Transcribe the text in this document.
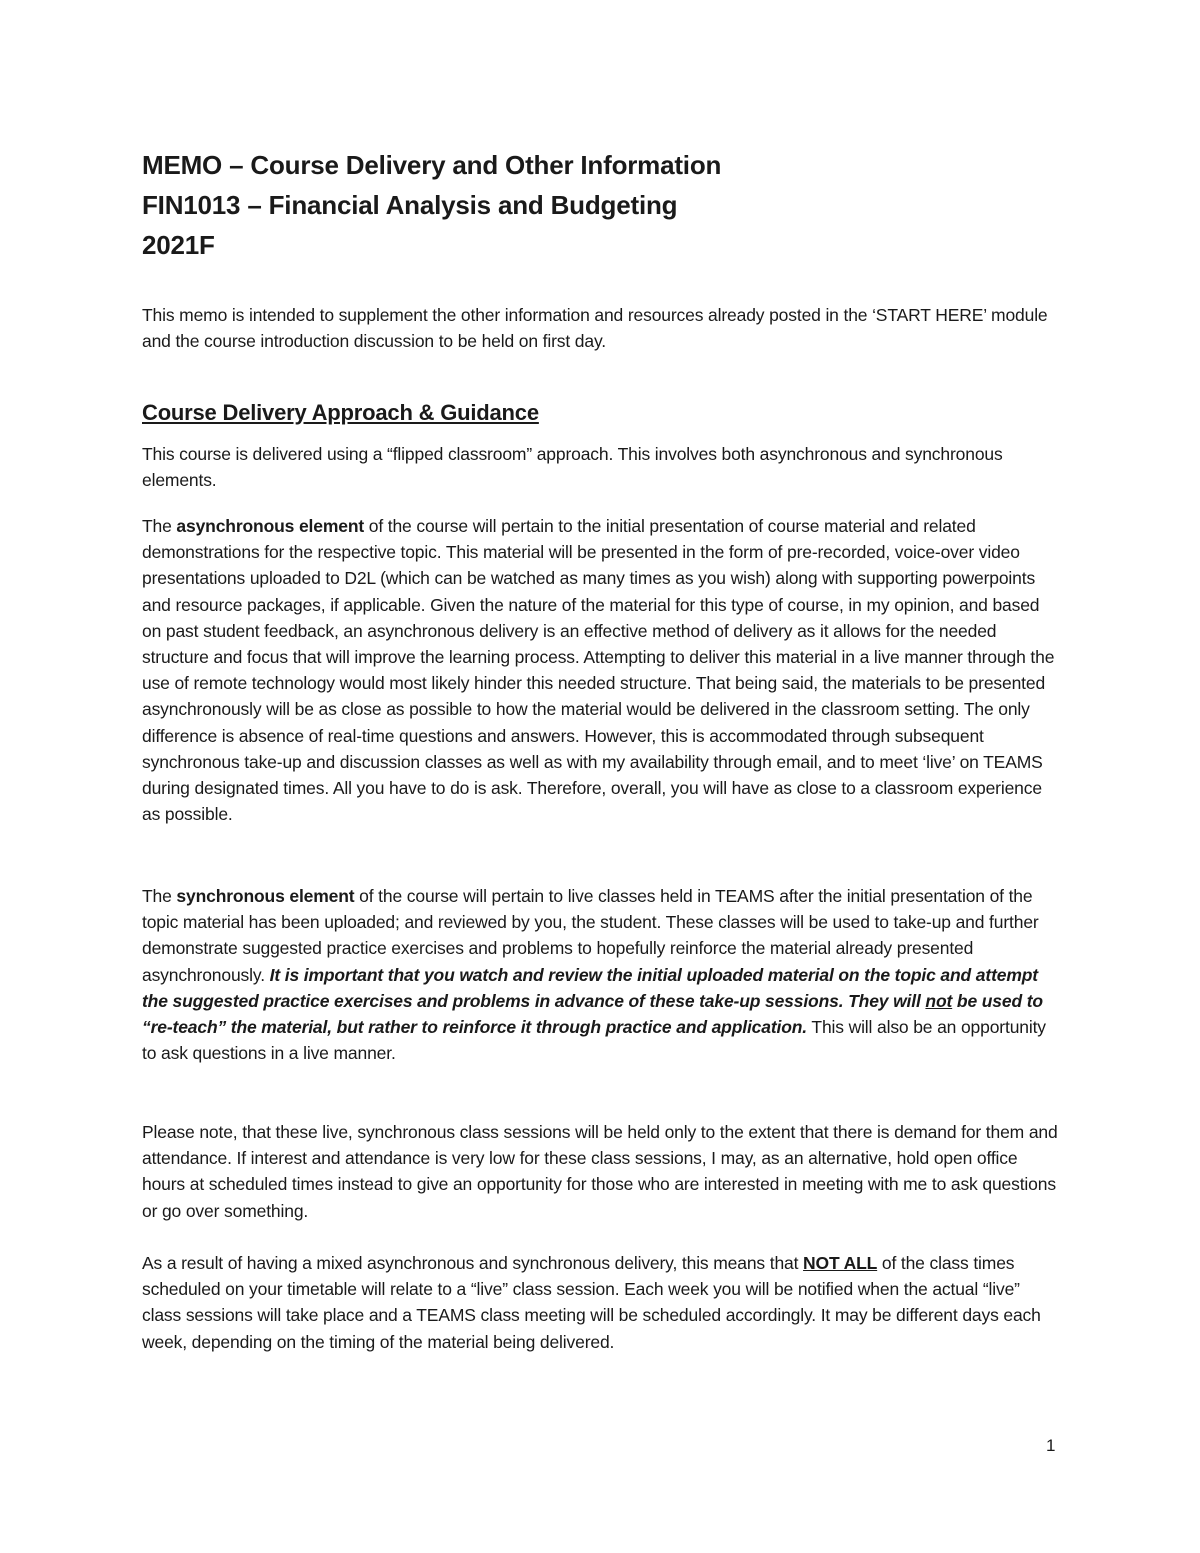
MEMO – Course Delivery and Other Information

FIN1013 – Financial Analysis and Budgeting

2021F

This memo is intended to supplement the other information and resources already posted in the ‘START HERE’ module and the course introduction discussion to be held on first day.

Course Delivery Approach & Guidance

This course is delivered using a “flipped classroom” approach. This involves both asynchronous and synchronous elements.

The asynchronous element of the course will pertain to the initial presentation of course material and related demonstrations for the respective topic. This material will be presented in the form of pre-recorded, voice-over video presentations uploaded to D2L (which can be watched as many times as you wish) along with supporting powerpoints and resource packages, if applicable. Given the nature of the material for this type of course, in my opinion, and based on past student feedback, an asynchronous delivery is an effective method of delivery as it allows for the needed structure and focus that will improve the learning process. Attempting to deliver this material in a live manner through the use of remote technology would most likely hinder this needed structure. That being said, the materials to be presented asynchronously will be as close as possible to how the material would be delivered in the classroom setting. The only difference is absence of real-time questions and answers. However, this is accommodated through subsequent synchronous take-up and discussion classes as well as with my availability through email, and to meet ‘live’ on TEAMS during designated times. All you have to do is ask. Therefore, overall, you will have as close to a classroom experience as possible.

The synchronous element of the course will pertain to live classes held in TEAMS after the initial presentation of the topic material has been uploaded; and reviewed by you, the student. These classes will be used to take-up and further demonstrate suggested practice exercises and problems to hopefully reinforce the material already presented asynchronously. It is important that you watch and review the initial uploaded material on the topic and attempt the suggested practice exercises and problems in advance of these take-up sessions. They will not be used to “re-teach” the material, but rather to reinforce it through practice and application. This will also be an opportunity to ask questions in a live manner.

Please note, that these live, synchronous class sessions will be held only to the extent that there is demand for them and attendance. If interest and attendance is very low for these class sessions, I may, as an alternative, hold open office hours at scheduled times instead to give an opportunity for those who are interested in meeting with me to ask questions or go over something.

As a result of having a mixed asynchronous and synchronous delivery, this means that NOT ALL of the class times scheduled on your timetable will relate to a “live” class session. Each week you will be notified when the actual “live” class sessions will take place and a TEAMS class meeting will be scheduled accordingly. It may be different days each week, depending on the timing of the material being delivered.

1
